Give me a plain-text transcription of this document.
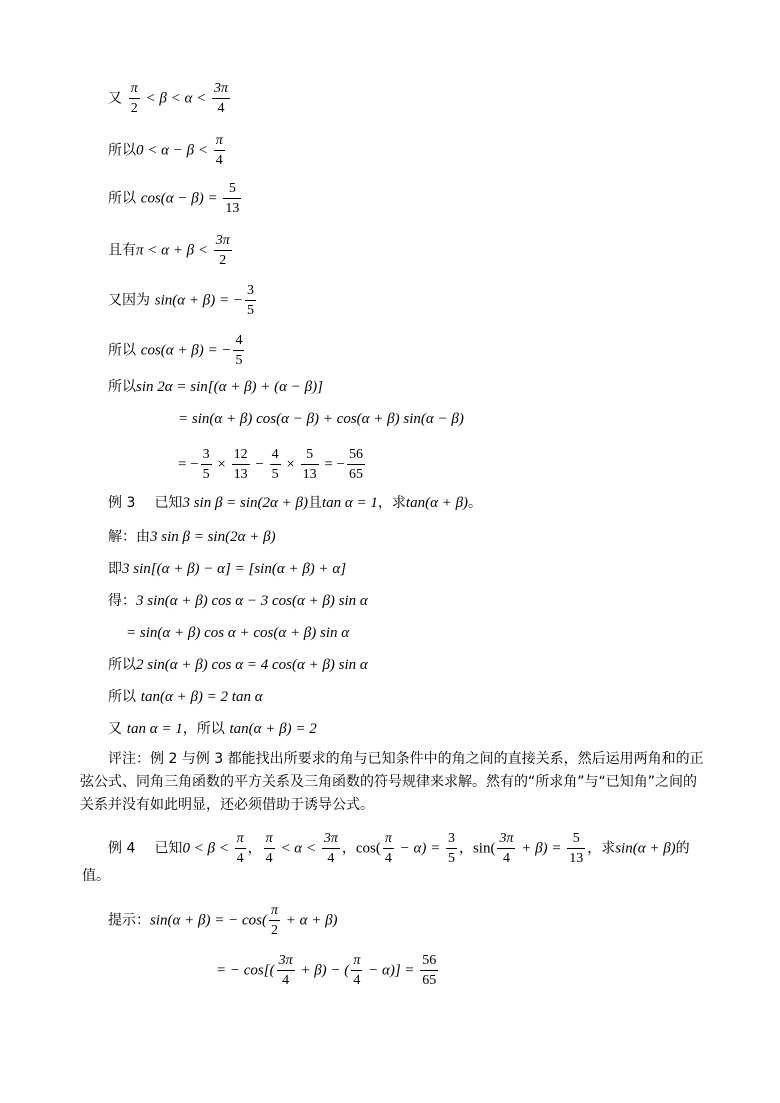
又 $\frac{\pi}{2} < \beta < \alpha < \frac{3\pi}{4}$
所以$0 < \alpha - \beta < \frac{\pi}{4}$
所以 $\cos(\alpha - \beta) = \frac{5}{13}$
且有$\pi < \alpha + \beta < \frac{3\pi}{2}$
又因为 sin(α + β) = − $\frac{3}{5}$
所以 cos(α + β) = − $\frac{4}{5}$
所以sin 2α = sin[(α + β) + (α − β)]
= sin(α + β) cos(α − β) + cos(α + β) sin(α − β)
= − $\frac{3}{5} \times \frac{12}{13} - \frac{4}{5} \times \frac{5}{13}$ = − $\frac{56}{65}$
例 3 已知3 sin β = sin(2α + β)且tan α = 1，求tan(α + β)。
解：由3 sin β = sin(2α + β)
即3 sin[(α + β) − α] = [sin(α + β) + α]
得：3 sin(α + β) cos α − 3 cos(α + β) sin α
= sin(α + β) cos α + cos(α + β) sin α
所以2 sin(α + β) cos α = 4 cos(α + β) sin α
所以 tan(α + β) = 2 tan α
又 tan α = 1，所以 tan(α + β) = 2
评注：例 2 与例 3 都能找出所要求的角与已知条件中的角之间的直接关系，然后运用两角和的正弦公式、同角三角函数的平方关系及三角函数的符号规律来求解。然有的“所求角”与“已知角”之间的关系并没有如此明显，还必须借助于诱导公式。
例 4 已知$0 < \beta < \frac{\pi}{4}$ ， $\frac{\pi}{4} < \alpha < \frac{3\pi}{4}$ ，$\cos( \frac{\pi}{4} - \alpha) = \frac{3}{5}$ ，$\sin( \frac{3\pi}{4} + \beta) = \frac{5}{13}$ ，求sin(α + β)的
值。
提示：sin(α + β) = − $\cos( \frac{\pi}{2} + \alpha + \beta)$
= − $\cos[( \frac{3\pi}{4} + \beta)$ − ( $\frac{\pi}{4} - \alpha)] = \frac{56}{65}$
